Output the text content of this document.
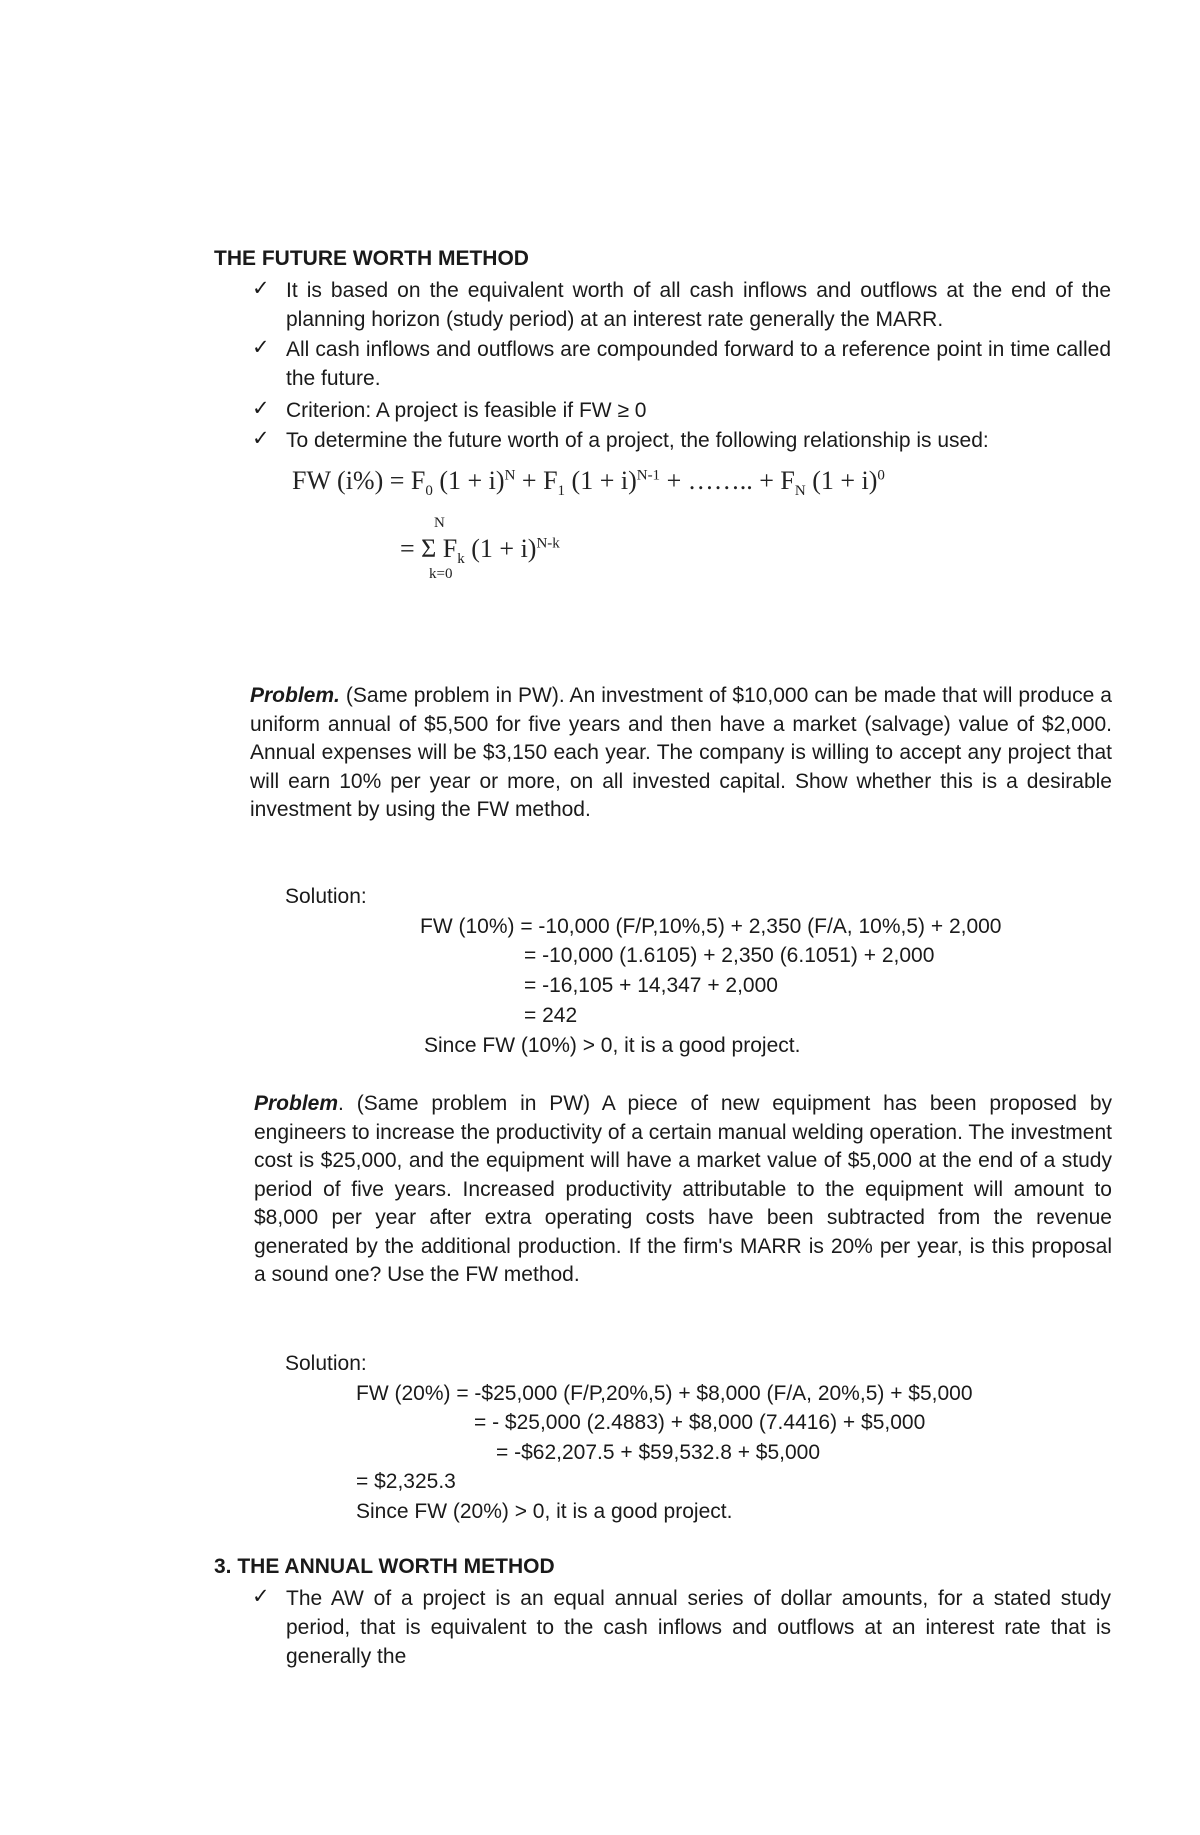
THE FUTURE WORTH METHOD
✓ It is based on the equivalent worth of all cash inflows and outflows at the end of the planning horizon (study period) at an interest rate generally the MARR.
✓ All cash inflows and outflows are compounded forward to a reference point in time called the future.
✓ Criterion: A project is feasible if FW ≥ 0
✓ To determine the future worth of a project, the following relationship is used:
FW $(i\%) = F_0$ $(1 + i)^N + F_1$ $(1 + i)^{N-1}$ + …….. + $F_N$ $(1 + i)^0$
N
= Σ $F_k$ $(1 + i)^{N-k}$
k=0
Problem. (Same problem in PW). An investment of $10,000 can be made that will produce a uniform annual of $5,500 for five years and then have a market (salvage) value of $2,000. Annual expenses will be $3,150 each year. The company is willing to accept any project that will earn 10% per year or more, on all invested capital. Show whether this is a desirable investment by using the FW method.
Solution:
FW (10%) = -10,000 (F/P,10%,5) + 2,350 (F/A, 10%,5) + 2,000
= -10,000 (1.6105) + 2,350 (6.1051) + 2,000
= -16,105 + 14,347 + 2,000
= 242
Since FW (10%) > 0, it is a good project.
Problem. (Same problem in PW) A piece of new equipment has been proposed by engineers to increase the productivity of a certain manual welding operation. The investment cost is $25,000, and the equipment will have a market value of $5,000 at the end of a study period of five years. Increased productivity attributable to the equipment will amount to $8,000 per year after extra operating costs have been subtracted from the revenue generated by the additional production. If the firm's MARR is 20% per year, is this proposal a sound one? Use the FW method.
Solution:
FW (20%) = -$25,000 (F/P,20%,5) + $8,000 (F/A, 20%,5) + $5,000
= - $25,000 (2.4883) + $8,000 (7.4416) + $5,000
= -$62,207.5 + $59,532.8 + $5,000
= $2,325.3
Since FW (20%) > 0, it is a good project.
3. THE ANNUAL WORTH METHOD
✓ The AW of a project is an equal annual series of dollar amounts, for a stated study period, that is equivalent to the cash inflows and outflows at an interest rate that is generally the
